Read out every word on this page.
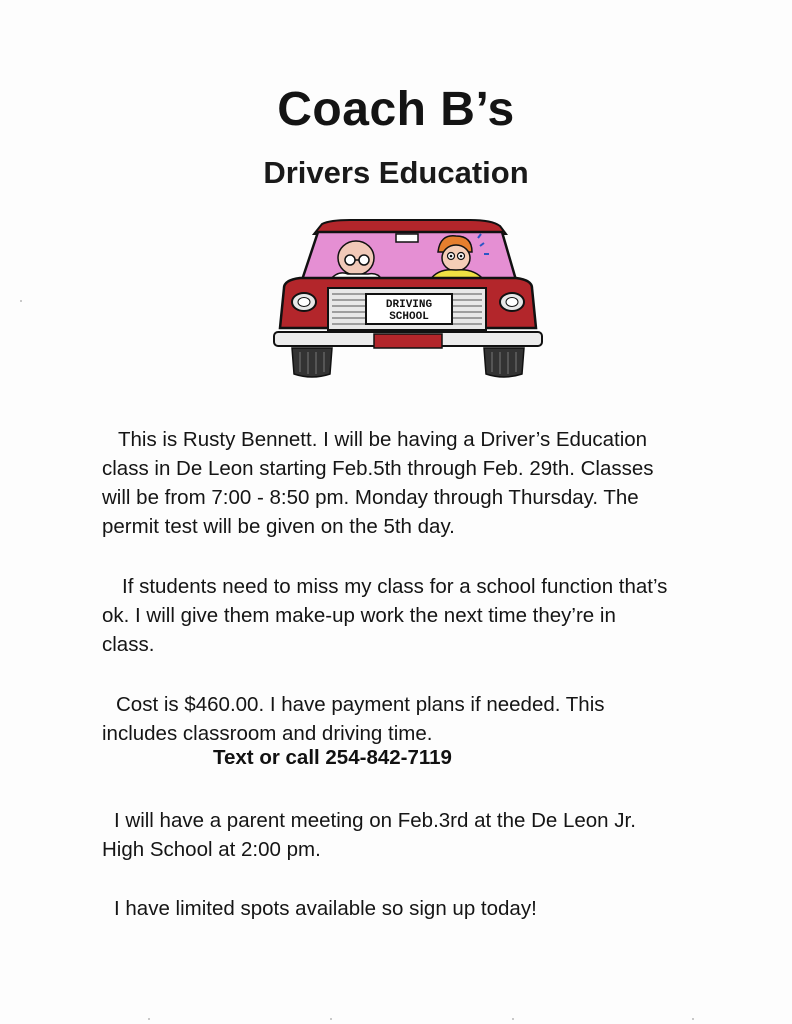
Coach B’s
Drivers Education
DRIVING
SCHOOL
This is Rusty Bennett. I will be having a Driver’s Education
class in De Leon starting Feb.5th through Feb. 29th. Classes
will be from 7:00 - 8:50 pm. Monday through Thursday. The
permit test will be given on the 5th day.
If students need to miss my class for a school function that’s
ok. I will give them make-up work the next time they’re in
class.
Cost is $460.00. I have payment plans if needed. This
includes classroom and driving time.
Text or call 254-842-7119
I will have a parent meeting on Feb.3rd at the De Leon Jr.
High School at 2:00 pm.
I have limited spots available so sign up today!
